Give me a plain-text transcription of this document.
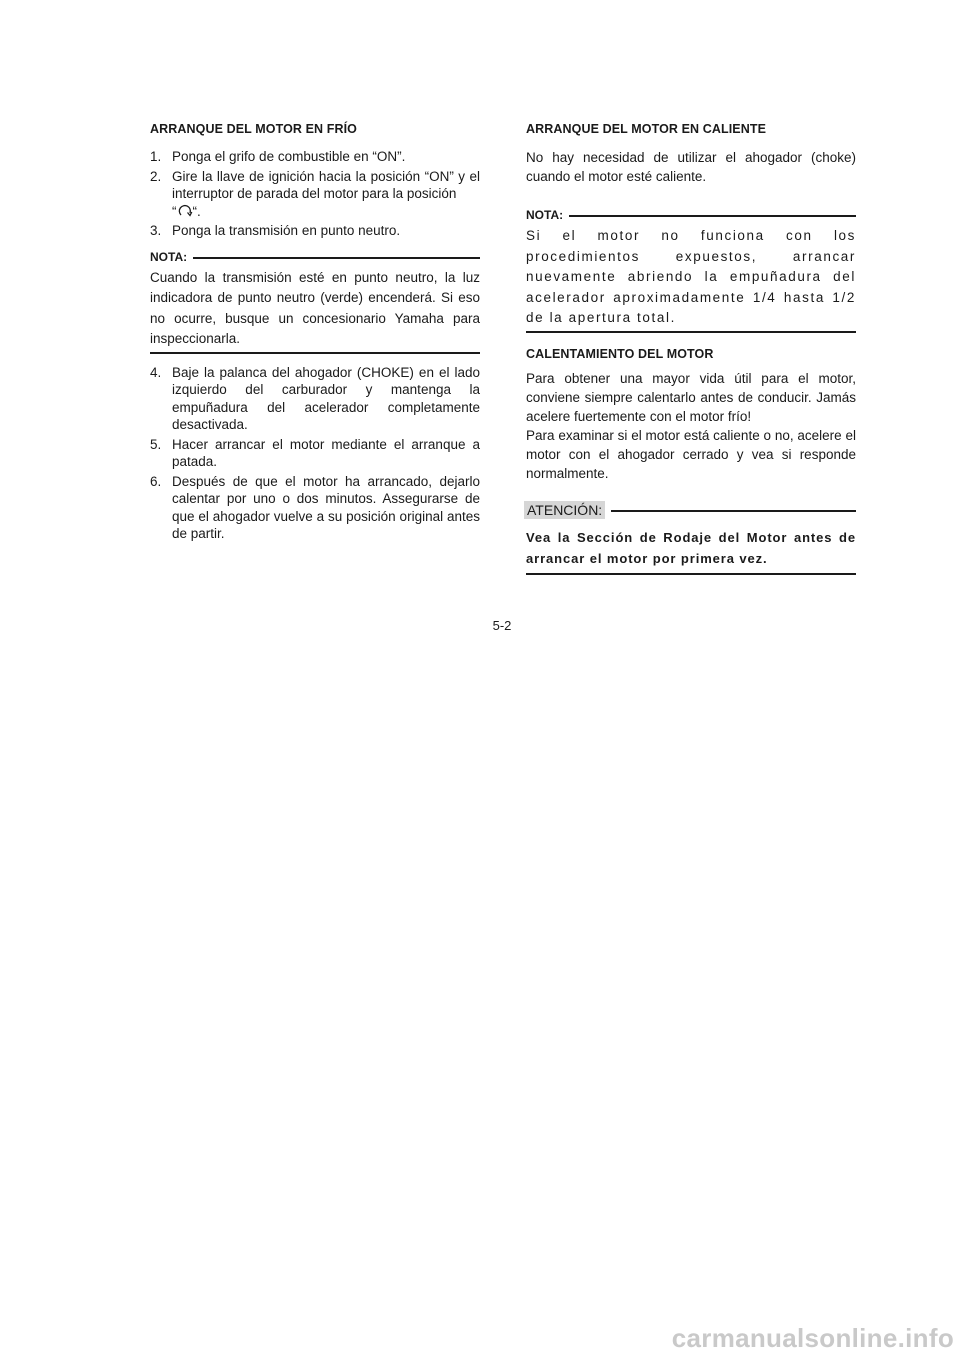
ARRANQUE DEL MOTOR EN FRÍO
1. Ponga el grifo de combustible en “ON”.
2. Gire la llave de ignición hacia la posición “ON” y el interruptor de parada del motor para la posición
“ “.
3. Ponga la transmisión en punto neutro.
NOTA:
Cuando la transmisión esté en punto neutro, la luz indicadora de punto neutro (verde) encenderá. Si eso no ocurre, busque un concesionario Yamaha para inspeccionarla.
4. Baje la palanca del ahogador (CHOKE) en el lado izquierdo del carburador y mantenga la empuñadura del acelerador completamente desactivada.
5. Hacer arrancar el motor mediante el arranque a patada.
6. Después de que el motor ha arrancado, dejarlo calentar por uno o dos minutos. Assegurarse de que el ahogador vuelve a su posición original antes de partir.
ARRANQUE DEL MOTOR EN CALIENTE

No hay necesidad de utilizar el ahogador (choke) cuando el motor esté caliente.

NOTA:
Si el motor no funciona con los procedimientos expuestos, arrancar nuevamente abriendo la empuñadura del acelerador aproximadamente 1/4 hasta 1/2 de la apertura total.
CALENTAMIENTO DEL MOTOR

Para obtener una mayor vida útil para el motor, conviene siempre calentarlo antes de conducir. Jamás acelere fuertemente con el motor frío!

Para examinar si el motor está caliente o no, acelere el motor con el ahogador cerrado y vea si responde normalmente.

ATENCIÓN:
Vea la Sección de Rodaje del Motor antes de arrancar el motor por primera vez.
5-2
carmanualsonline.info
